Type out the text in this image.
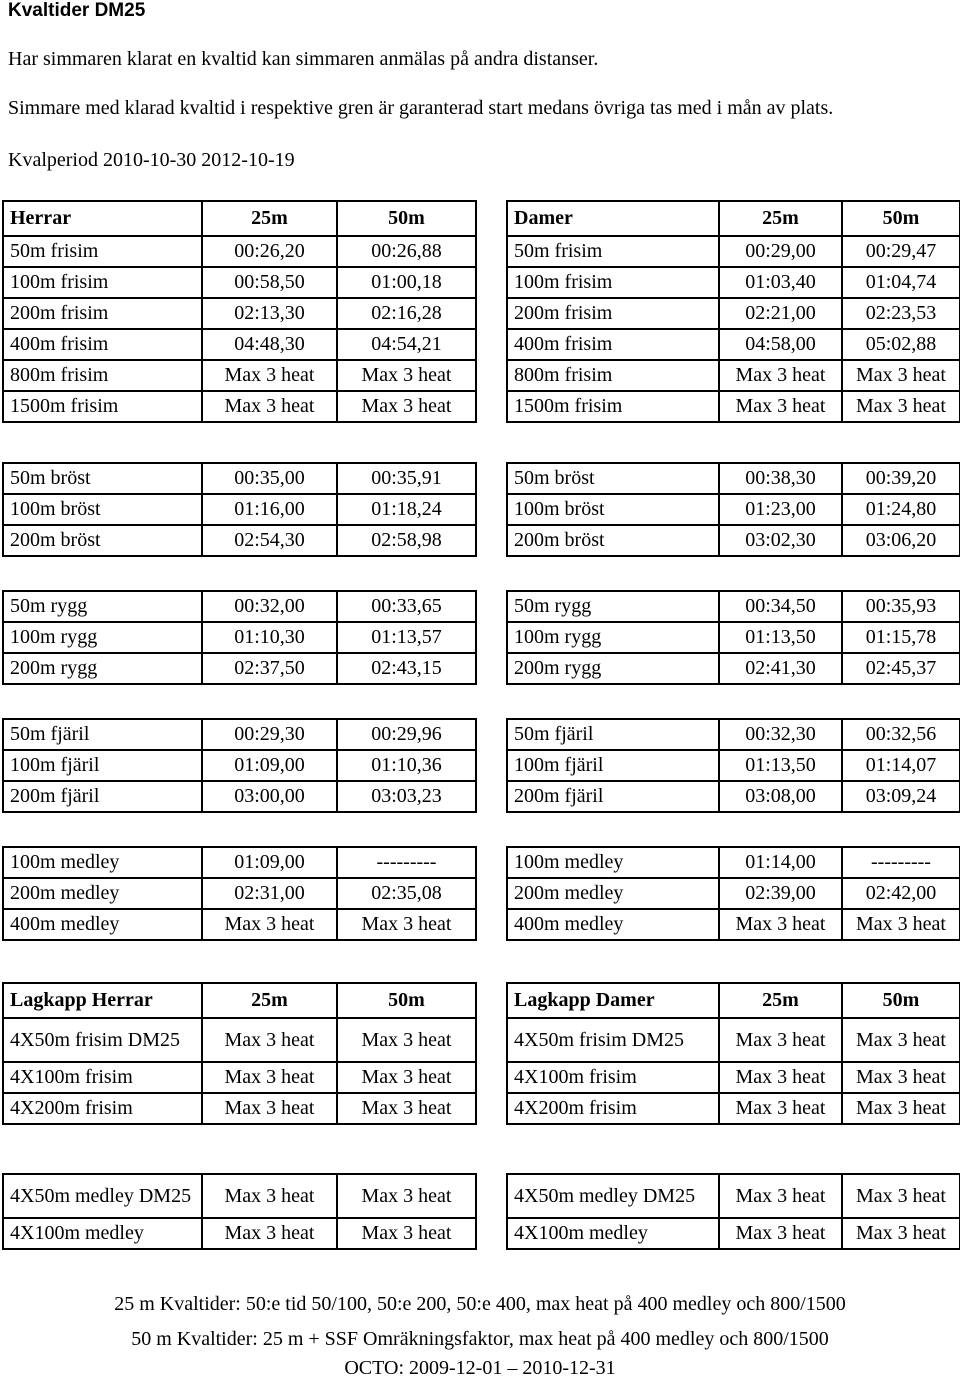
Kvaltider DM25
Har simmaren klarat en kvaltid kan simmaren anmälas på andra distanser.
Simmare med klarad kvaltid i respektive gren är garanterad start medans övriga tas med i mån av plats.
Kvalperiod 2010-10-30 2012-10-19
Herrar	25m	50m
50m frisim	00:26,20	00:26,88
100m frisim	00:58,50	01:00,18
200m frisim	02:13,30	02:16,28
400m frisim	04:48,30	04:54,21
800m frisim	Max 3 heat	Max 3 heat
1500m frisim	Max 3 heat	Max 3 heat
Damer	25m	50m
50m frisim	00:29,00	00:29,47
100m frisim	01:03,40	01:04,74
200m frisim	02:21,00	02:23,53
400m frisim	04:58,00	05:02,88
800m frisim	Max 3 heat	Max 3 heat
1500m frisim	Max 3 heat	Max 3 heat
50m bröst	00:35,00	00:35,91
100m bröst	01:16,00	01:18,24
200m bröst	02:54,30	02:58,98
50m bröst	00:38,30	00:39,20
100m bröst	01:23,00	01:24,80
200m bröst	03:02,30	03:06,20
50m rygg	00:32,00	00:33,65
100m rygg	01:10,30	01:13,57
200m rygg	02:37,50	02:43,15
50m rygg	00:34,50	00:35,93
100m rygg	01:13,50	01:15,78
200m rygg	02:41,30	02:45,37
50m fjäril	00:29,30	00:29,96
100m fjäril	01:09,00	01:10,36
200m fjäril	03:00,00	03:03,23
50m fjäril	00:32,30	00:32,56
100m fjäril	01:13,50	01:14,07
200m fjäril	03:08,00	03:09,24
100m medley	01:09,00	---------
200m medley	02:31,00	02:35,08
400m medley	Max 3 heat	Max 3 heat
100m medley	01:14,00	---------
200m medley	02:39,00	02:42,00
400m medley	Max 3 heat	Max 3 heat
Lagkapp Herrar	25m	50m
4X50m frisim DM25	Max 3 heat	Max 3 heat
4X100m frisim	Max 3 heat	Max 3 heat
4X200m frisim	Max 3 heat	Max 3 heat
Lagkapp Damer	25m	50m
4X50m frisim DM25	Max 3 heat	Max 3 heat
4X100m frisim	Max 3 heat	Max 3 heat
4X200m frisim	Max 3 heat	Max 3 heat
4X50m medley DM25	Max 3 heat	Max 3 heat
4X100m medley	Max 3 heat	Max 3 heat
4X50m medley DM25	Max 3 heat	Max 3 heat
4X100m medley	Max 3 heat	Max 3 heat
25 m Kvaltider: 50:e tid 50/100, 50:e 200, 50:e 400, max heat på 400 medley och 800/1500
50 m Kvaltider: 25 m + SSF Omräkningsfaktor, max heat på 400 medley och 800/1500
OCTO: 2009-12-01 – 2010-12-31
